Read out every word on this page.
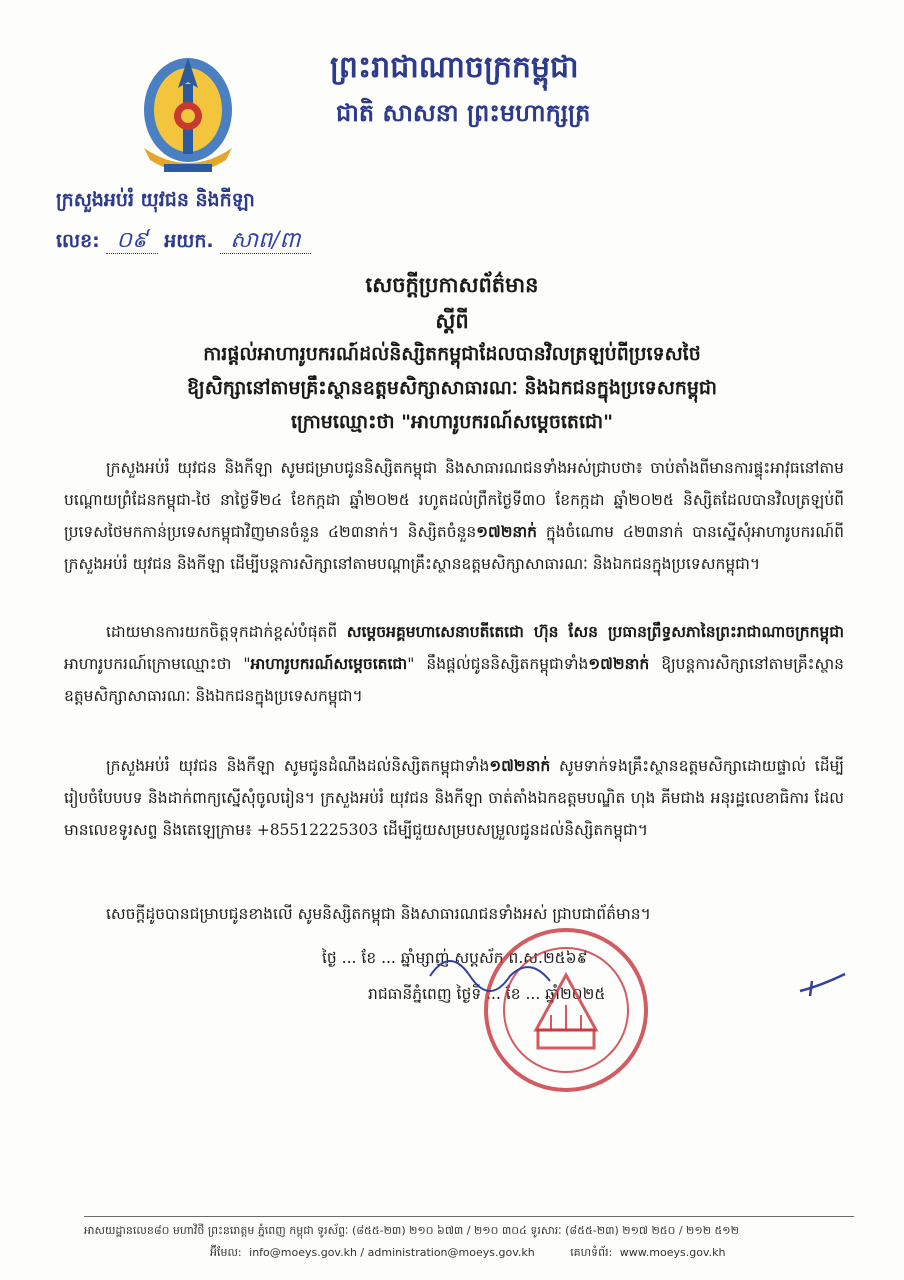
ព្រះរាជាណាចក្រកម្ពុជា
ជាតិ សាសនា ព្រះមហាក្សត្រ
ក្រសួងអប់រំ យុវជន និងកីឡា
លេខ: ០៩ អយក. សាព/ពា
សេចក្ដីប្រកាសព័ត៌មាន
ស្ដីពី
ការផ្ដល់អាហារូបករណ៍ដល់និស្សិតកម្ពុជាដែលបានវិលត្រឡប់ពីប្រទេសថៃ
ឱ្យសិក្សានៅតាមគ្រឹះស្ថានឧត្ដមសិក្សាសាធារណៈ និងឯកជនក្នុងប្រទេសកម្ពុជា
ក្រោមឈ្មោះថា "អាហារូបករណ៍សម្ដេចតេជោ"
ក្រសួងអប់រំ យុវជន និងកីឡា សូមជម្រាបជូននិស្សិតកម្ពុជា និងសាធារណជនទាំងអស់ជ្រាបថា៖ ចាប់តាំងពីមានការផ្ទុះអាវុធនៅតាមបណ្ដោយព្រំដែនកម្ពុជា-ថៃ នាថ្ងៃទី២៤ ខែកក្កដា ឆ្នាំ២០២៥ រហូតដល់ព្រឹកថ្ងៃទី៣០ ខែកក្កដា ឆ្នាំ២០២៥ និស្សិតដែលបានវិលត្រឡប់ពីប្រទេសថៃមកកាន់ប្រទេសកម្ពុជាវិញមានចំនួន ៤២៣នាក់។ និស្សិតចំនួន១៧២នាក់ ក្នុងចំណោម ៤២៣នាក់ បានស្នើសុំអាហារូបករណ៍ពីក្រសួងអប់រំ យុវជន និងកីឡា ដើម្បីបន្តការសិក្សានៅតាមបណ្ដាគ្រឹះស្ថានឧត្ដមសិក្សាសាធារណៈ និងឯកជនក្នុងប្រទេសកម្ពុជា។
ដោយមានការយកចិត្តទុកដាក់ខ្ពស់បំផុតពី សម្ដេចអគ្គមហាសេនាបតីតេជោ ហ៊ុន សែន ប្រធានព្រឹទ្ធសភានៃព្រះរាជាណាចក្រកម្ពុជា អាហារូបករណ៍ក្រោមឈ្មោះថា "អាហារូបករណ៍សម្ដេចតេជោ" នឹងផ្ដល់ជូននិស្សិតកម្ពុជាទាំង១៧២នាក់ ឱ្យបន្តការសិក្សានៅតាមគ្រឹះស្ថានឧត្ដមសិក្សាសាធារណៈ និងឯកជនក្នុងប្រទេសកម្ពុជា។
ក្រសួងអប់រំ យុវជន និងកីឡា សូមជូនដំណឹងដល់និស្សិតកម្ពុជាទាំង១៧២នាក់ សូមទាក់ទងគ្រឹះស្ថានឧត្ដមសិក្សាដោយផ្ទាល់ ដើម្បីរៀបចំបែបបទ និងដាក់ពាក្យស្នើសុំចូលរៀន។ ក្រសួងអប់រំ យុវជន និងកីឡា ចាត់តាំងឯកឧត្ដមបណ្ឌិត ហុង គីមជាង អនុរដ្ឋលេខាធិការ ដែលមានលេខទូរសព្ទ និងតេឡេក្រាម៖ +85512225303 ដើម្បីជួយសម្របសម្រួលជូនដល់និស្សិតកម្ពុជា។
សេចក្ដីដូចបានជម្រាបជូនខាងលើ សូមនិស្សិតកម្ពុជា និងសាធារណជនទាំងអស់ ជ្រាបជាព័ត៌មាន។
ថ្ងៃ ... ខែ ... ឆ្នាំម្សាញ់ សប្តស័ក ព.ស.២៥៦៩
រាជធានីភ្នំពេញ ថ្ងៃទី ... ខែ ... ឆ្នាំ២០២៥
អាសយដ្ឋានលេខ៨០ មហាវិថី ព្រះនរោត្តម ភ្នំពេញ កម្ពុជា ទូរស័ព្ទៈ (៨៥៥-២៣) ២១០ ៦៧៣ / ២១០ ៣០៤ ទូរសារៈ (៨៥៥-២៣) ២១៧ ២៥០ / ២១២ ៥១២
អ៊ីមែល: info@moeys.gov.kh / administration@moeys.gov.kh	គេហទំព័រ: www.moeys.gov.kh
